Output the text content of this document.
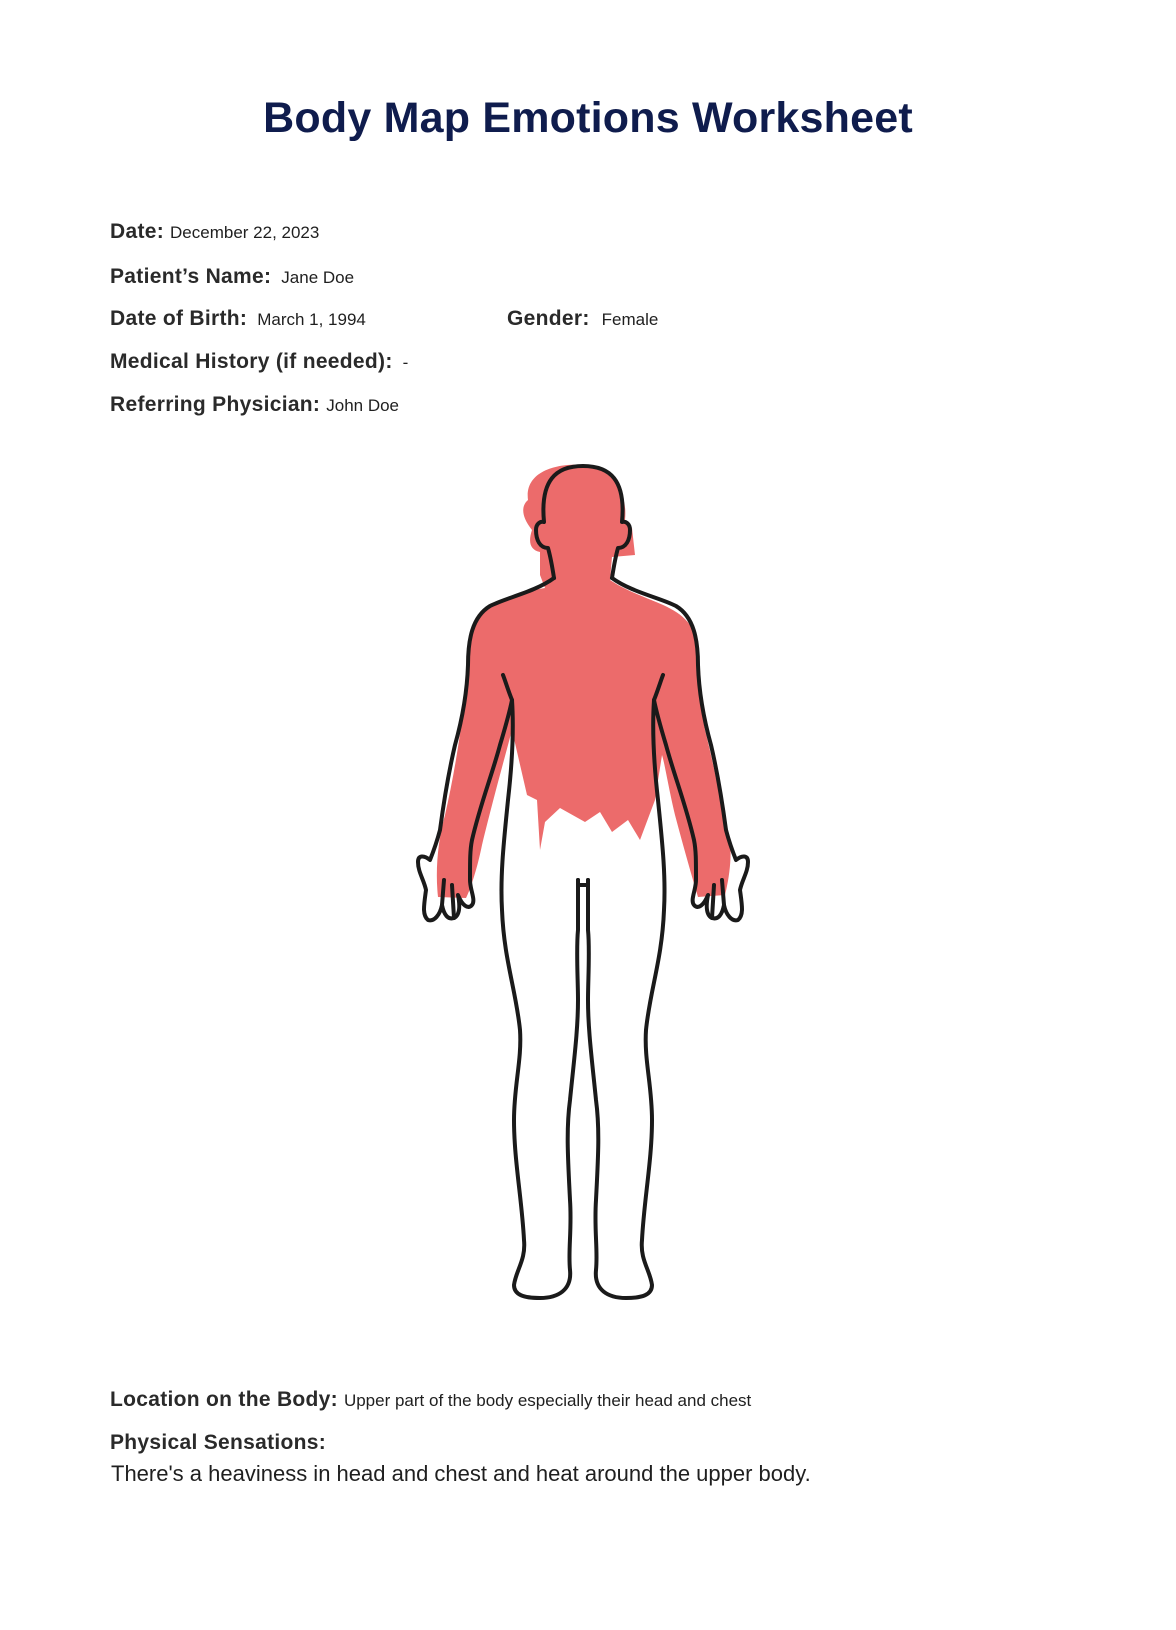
Body Map Emotions Worksheet
Date: December 22, 2023
Patient’s Name: Jane Doe
Date of Birth: March 1, 1994	Gender: Female
Medical History (if needed): -
Referring Physician: John Doe
Location on the Body: Upper part of the body especially their head and chest
Physical Sensations:
There's a heaviness in head and chest and heat around the upper body.
